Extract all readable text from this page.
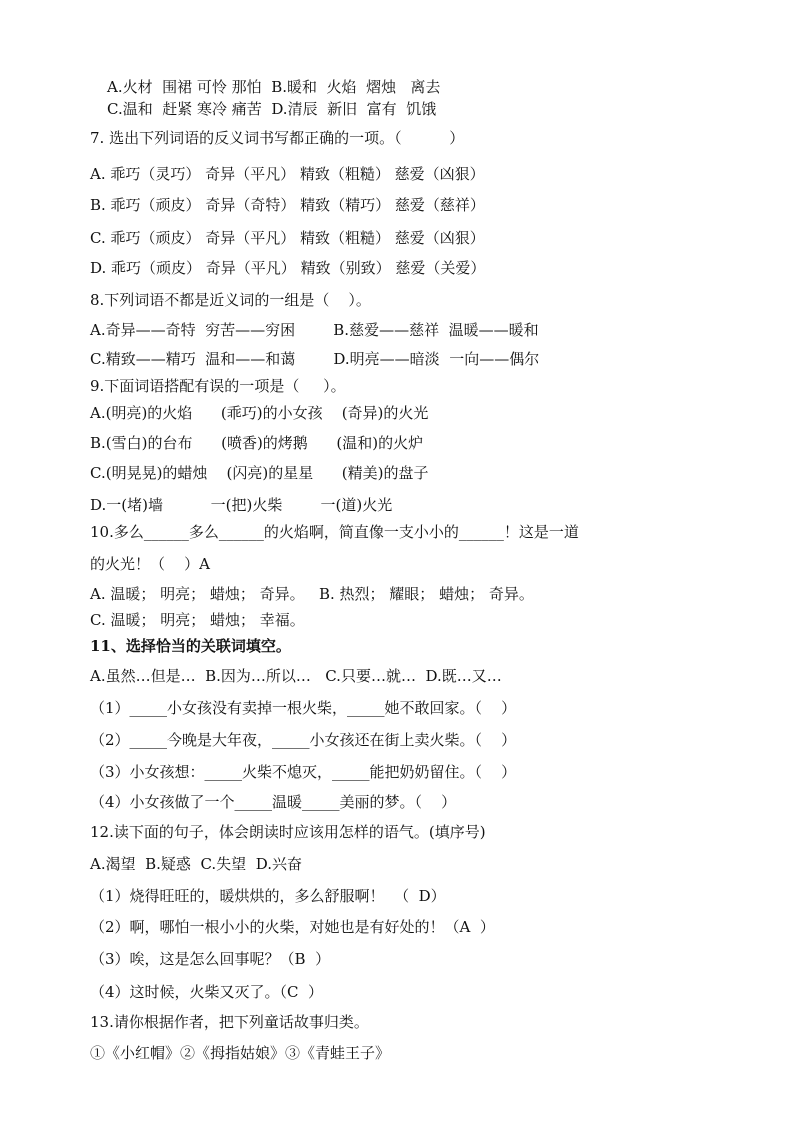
A.火材  围裙 可怜 那怕  B.暖和  火焰  熠烛   离去
C.温和  赶紧 寒冷 痛苦  D.清辰  新旧  富有  饥饿
7. 选出下列词语的反义词书写都正确的一项。（          ）
A. 乖巧（灵巧） 奇异（平凡） 精致（粗糙） 慈爱（凶狠）
B. 乖巧（顽皮） 奇异（奇特） 精致（精巧） 慈爱（慈祥）
C. 乖巧（顽皮） 奇异（平凡） 精致（粗糙） 慈爱（凶狠）
D. 乖巧（顽皮） 奇异（平凡） 精致（别致） 慈爱（关爱）
8.下列词语不都是近义词的一组是（    ）。
A.奇异——奇特  穷苦——穷困        B.慈爱——慈祥  温暖——暖和
C.精致——精巧  温和——和蔼        D.明亮——暗淡  一向——偶尔
9.下面词语搭配有误的一项是（     ）。
A.(明亮)的火焰      (乖巧)的小女孩    (奇异)的火光
B.(雪白)的台布      (喷香)的烤鹅      (温和)的火炉
C.(明晃晃)的蜡烛    (闪亮)的星星      (精美)的盘子
D.一(堵)墙          一(把)火柴        一(道)火光
10.多么______多么______的火焰啊，简直像一支小小的______！这是一道
的火光！（    ）A
A. 温暖； 明亮； 蜡烛； 奇异。   B. 热烈； 耀眼； 蜡烛； 奇异。
C. 温暖； 明亮； 蜡烛； 幸福。
11、选择恰当的关联词填空。
A.虽然…但是…  B.因为…所以…   C.只要…就…  D.既…又…
（1）_____小女孩没有卖掉一根火柴，_____她不敢回家。（    ）
（2）_____今晚是大年夜，_____小女孩还在街上卖火柴。（    ）
（3）小女孩想：_____火柴不熄灭，_____能把奶奶留住。（    ）
（4）小女孩做了一个_____温暖_____美丽的梦。（    ）
12.读下面的句子，体会朗读时应该用怎样的语气。(填序号)
A.渴望  B.疑惑  C.失望  D.兴奋
（1）烧得旺旺的，暖烘烘的，多么舒服啊！  （  D）
（2）啊，哪怕一根小小的火柴，对她也是有好处的！（A  ）
（3）唉，这是怎么回事呢？（B  ）
（4）这时候，火柴又灭了。（C  ）
13.请你根据作者，把下列童话故事归类。
①《小红帽》②《拇指姑娘》③《青蛙王子》
